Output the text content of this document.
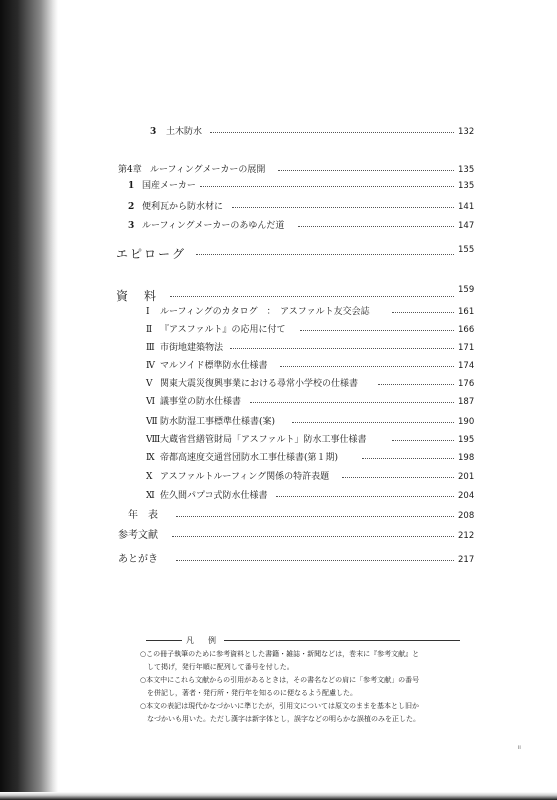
3 土木防水	132
第4章 ルーフィングメーカーの展開	135
1 国産メーカー	135
2 便利瓦から防水材に	141
3 ルーフィングメーカーのあゆんだ道	147
エピローグ	155
資　料	159
Ⅰ ルーフィングのカタログ　：　アスファルト友交会誌	161
Ⅱ 『アスファルト』の応用に付て	166
Ⅲ 市街地建築物法	171
Ⅳ マルソイド標準防水仕様書	174
Ⅴ 関東大震災復興事業における尋常小学校の仕様書	176
Ⅵ 議事堂の防水仕様書	187
Ⅶ 防水防湿工事標準仕様書(案)	190
Ⅷ 大蔵省営繕管財局「アスファルト」防水工事仕様書	195
Ⅸ 帝都高速度交通営団防水工事仕様書(第１期)	198
Ⅹ アスファルトルーフィング関係の特許表題	201
Ⅺ 佐久間パプコ式防水仕様書	204
年　表	208
参考文献	212
あとがき	217
凡　例
○この冊子執筆のために参考資料とした書籍・雑誌・新聞などは，巻末に『参考文献』と
　して掲げ，発行年順に配列して番号を付した。
○本文中にこれら文献からの引用があるときは，その書名などの肩に「参考文献」の番号
　を併記し，著者・発行所・発行年を知るのに便なるよう配慮した。
○本文の表記は現代かなづかいに準じたが，引用文については原文のままを基本とし旧か
　なづかいも用いた。ただし漢字は新字体とし，誤字などの明らかな誤植のみを正した。
ii
